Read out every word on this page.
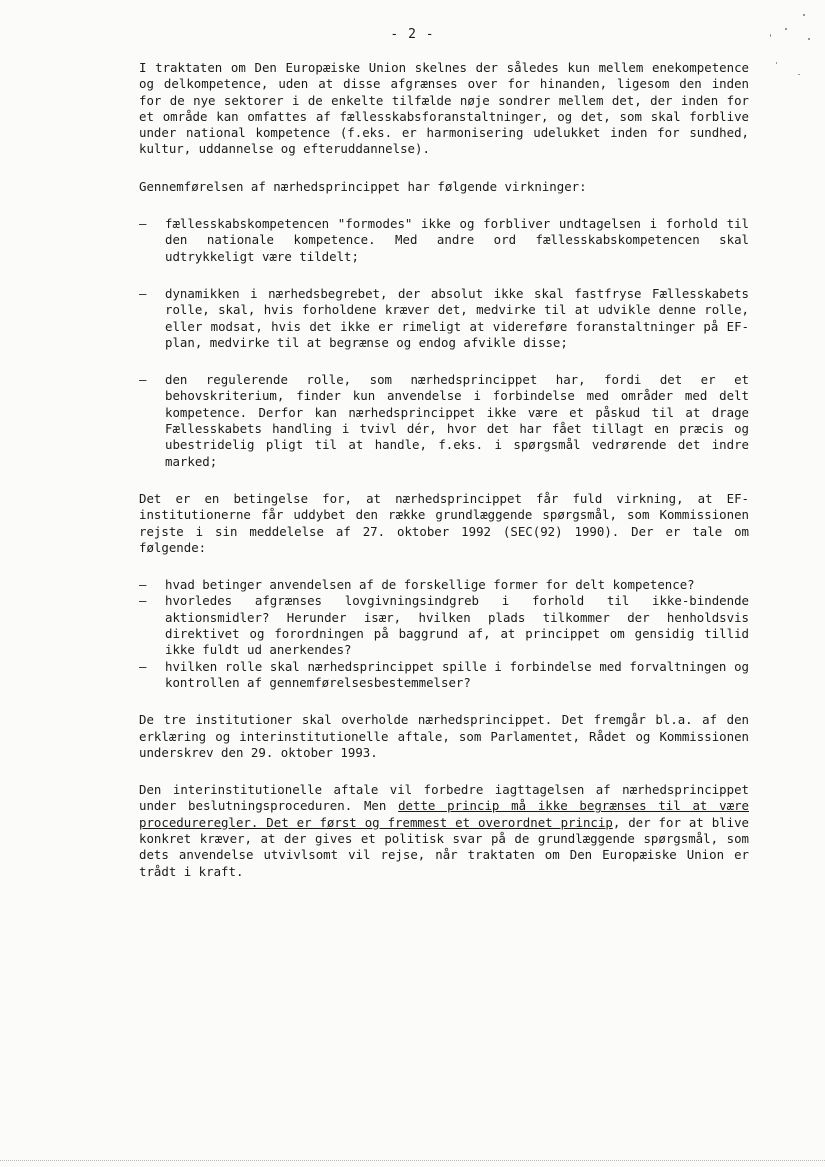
- 2 -

I traktaten om Den Europæiske Union skelnes der således kun mellem enekompetence og delkompetence, uden at disse afgrænses over for hinanden, ligesom den inden for de nye sektorer i de enkelte tilfælde nøje sondrer mellem det, der inden for et område kan omfattes af fællesskabsforanstaltninger, og det, som skal forblive under national kompetence (f.eks. er harmonisering udelukket inden for sundhed, kultur, uddannelse og efteruddannelse).

Gennemførelsen af nærhedsprincippet har følgende virkninger:

– fællesskabskompetencen "formodes" ikke og forbliver undtagelsen i forhold til den nationale kompetence. Med andre ord fællesskabskompetencen skal udtrykkeligt være tildelt;
– dynamikken i nærhedsbegrebet, der absolut ikke skal fastfryse Fællesskabets rolle, skal, hvis forholdene kræver det, medvirke til at udvikle denne rolle, eller modsat, hvis det ikke er rimeligt at videreføre foranstaltninger på EF-plan, medvirke til at begrænse og endog afvikle disse;
– den regulerende rolle, som nærhedsprincippet har, fordi det er et behovskriterium, finder kun anvendelse i forbindelse med områder med delt kompetence. Derfor kan nærhedsprincippet ikke være et påskud til at drage Fællesskabets handling i tvivl dér, hvor det har fået tillagt en præcis og ubestridelig pligt til at handle, f.eks. i spørgsmål vedrørende det indre marked;

Det er en betingelse for, at nærhedsprincippet får fuld virkning, at EF-institutionerne får uddybet den række grundlæggende spørgsmål, som Kommissionen rejste i sin meddelelse af 27. oktober 1992 (SEC(92) 1990). Der er tale om følgende:

– hvad betinger anvendelsen af de forskellige former for delt kompetence?
– hvorledes afgrænses lovgivningsindgreb i forhold til ikke-bindende aktionsmidler? Herunder især, hvilken plads tilkommer der henholdsvis direktivet og forordningen på baggrund af, at princippet om gensidig tillid ikke fuldt ud anerkendes?
– hvilken rolle skal nærhedsprincippet spille i forbindelse med forvaltningen og kontrollen af gennemførelsesbestemmelser?

De tre institutioner skal overholde nærhedsprincippet. Det fremgår bl.a. af den erklæring og interinstitutionelle aftale, som Parlamentet, Rådet og Kommissionen underskrev den 29. oktober 1993.

Den interinstitutionelle aftale vil forbedre iagttagelsen af nærhedsprincippet under beslutningsproceduren. Men dette princip må ikke begrænses til at være procedureregler. Det er først og fremmest et overordnet princip, der for at blive konkret kræver, at der gives et politisk svar på de grundlæggende spørgsmål, som dets anvendelse utvivlsomt vil rejse, når traktaten om Den Europæiske Union er trådt i kraft.
